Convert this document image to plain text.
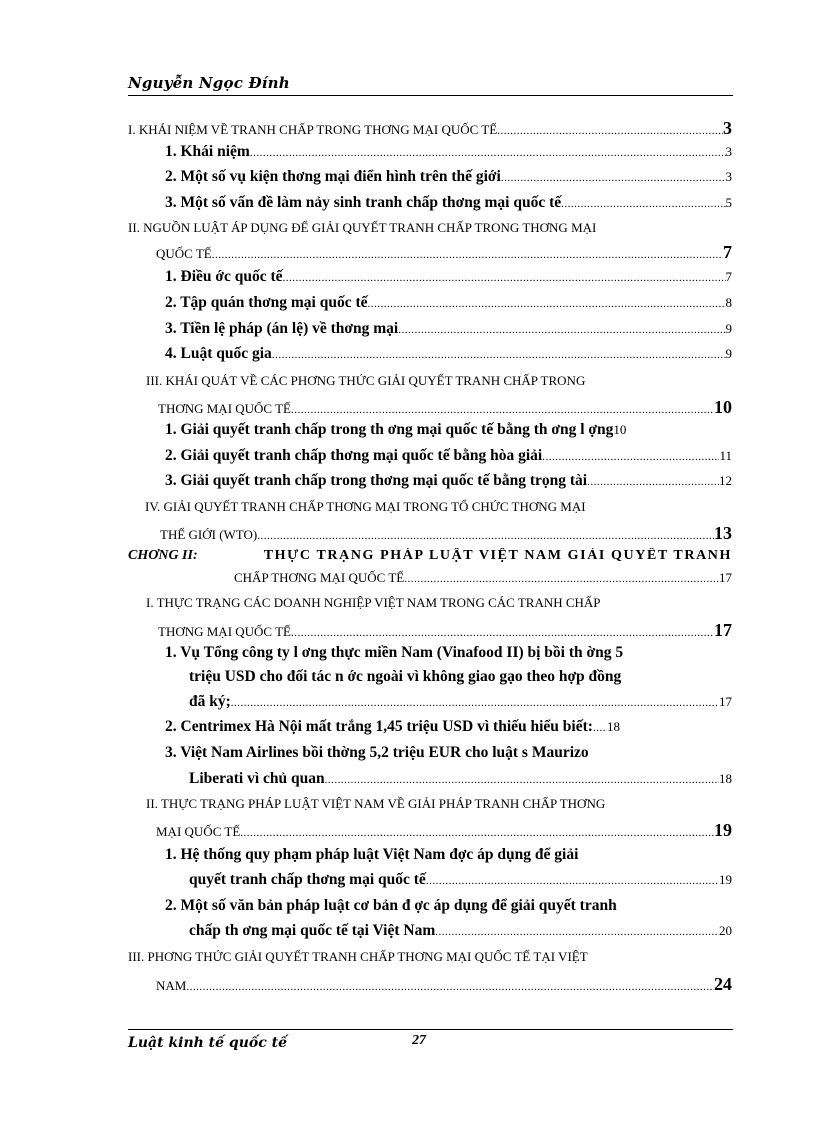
Nguyễn Ngọc Đính
I. KHÁI NIỆM VỀ TRANH CHẤP TRONG THƠNG MẠI QUỐC TẾ .....	3
1. Khái niệm .....	3
2. Một số vụ kiện thơng mại điển hình trên thế giới .....	3
3. Một số vấn đề làm nảy sinh tranh chấp thơng mại quốc tế .....	5
II. NGUỒN LUẬT ÁP DỤNG ĐỂ GIẢI QUYẾT TRANH CHẤP TRONG THƠNG MẠI
QUỐC TẾ .....	7
1. Điều ớc quốc tế .....	7
2. Tập quán thơng mại quốc tế .....	8
3. Tiền lệ pháp (án lệ) về thơng mại .....	9
4. Luật quốc gia .....	9
III. KHÁI QUÁT VỀ CÁC PHƠNG THỨC GIẢI QUYẾT TRANH CHẤP TRONG
THƠNG MẠI QUỐC TẾ .....	10
1. Giải quyết tranh chấp trong th ơng mại quốc tế bằng th ơng l ợng 10
2. Giải quyết tranh chấp thơng mại quốc tế bằng hòa giải .....	11
3. Giải quyết tranh chấp trong thơng mại quốc tế bằng trọng tài .....	12
IV. GIẢI QUYẾT TRANH CHẤP THƠNG MẠI TRONG TỔ CHỨC THƠNG MẠI
THẾ GIỚI (WTO) .....	13
CHƠNG II:	THỰC TRẠNG PHÁP LUẬT VIỆT NAM GIẢI QUYẾT TRANH
CHẤP THƠNG MẠI QUỐC TẾ .....	17
I. THỰC TRẠNG CÁC DOANH NGHIỆP VIỆT NAM TRONG CÁC TRANH CHẤP
THƠNG MẠI QUỐC TẾ .....	17
1. Vụ Tổng công ty l ơng thực miền Nam (Vinafood II) bị bồi th ờng 5
triệu USD cho đối tác n ớc ngoài vì không giao gạo theo hợp đồng
đã ký; .....	17
2. Centrimex Hà Nội mất trắng 1,45 triệu USD vì thiếu hiểu biết: ..... 18
3. Việt Nam Airlines bồi thờng 5,2 triệu EUR cho luật s Maurizo
Liberati vì chủ quan .....	18
II. THỰC TRẠNG PHÁP LUẬT VIỆT NAM VỀ GIẢI PHÁP TRANH CHẤP THƠNG
MẠI QUỐC TẾ .....	19
1. Hệ thống quy phạm pháp luật Việt Nam đợc áp dụng để giải
quyết tranh chấp thơng mại quốc tế .....	19
2. Một số văn bản pháp luật cơ bản đ ợc áp dụng để giải quyết tranh
chấp th ơng mại quốc tế tại Việt Nam .....	20
III. PHƠNG THỨC GIẢI QUYẾT TRANH CHẤP THƠNG MẠI QUỐC TẾ TẠI VIỆT
NAM .....	24
Luật kinh tế quốc tế	27
